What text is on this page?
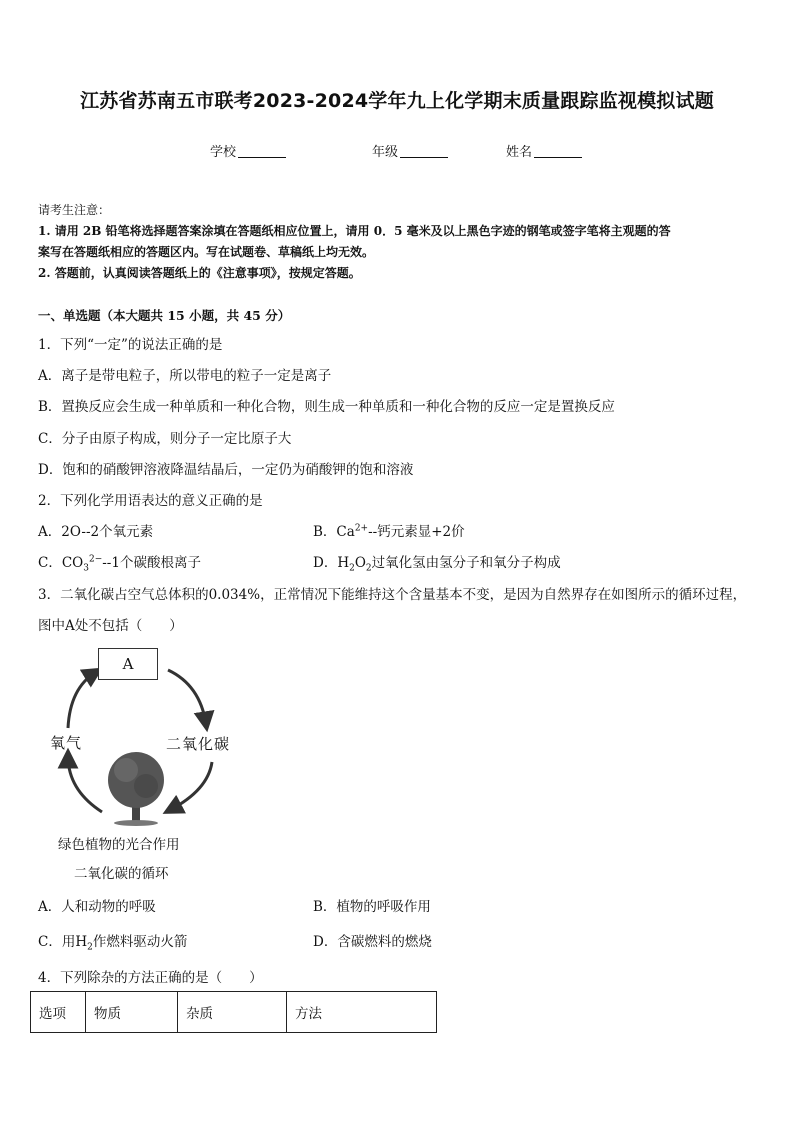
江苏省苏南五市联考2023-2024学年九上化学期末质量跟踪监视模拟试题
学校	年级	姓名
请考生注意：
1. 请用 2B 铅笔将选择题答案涂填在答题纸相应位置上，请用 0．5 毫米及以上黑色字迹的钢笔或签字笔将主观题的答
案写在答题纸相应的答题区内。写在试题卷、草稿纸上均无效。
2. 答题前，认真阅读答题纸上的《注意事项》，按规定答题。
一、单选题（本大题共 15 小题，共 45 分）
1．下列“一定”的说法正确的是
A．离子是带电粒子，所以带电的粒子一定是离子
B．置换反应会生成一种单质和一种化合物，则生成一种单质和一种化合物的反应一定是置换反应
C．分子由原子构成，则分子一定比原子大
D．饱和的硝酸钾溶液降温结晶后，一定仍为硝酸钾的饱和溶液
2．下列化学用语表达的意义正确的是
A．2O--2个氧元素	B．$Ca^{2+}--$钙元素显+2价
C．$CO_3^{2-}--1$个碳酸根离子	D．$H_2O_2$过氧化氢由氢分子和氧分子构成
3．二氧化碳占空气总体积的0.034%，正常情况下能维持这个含量基本不变，是因为自然界存在如图所示的循环过程，
图中A处不包括（　　）
A
氧气	二氧化碳
绿色植物的光合作用
二氧化碳的循环
A．人和动物的呼吸	B．植物的呼吸作用
C．用$H_2$作燃料驱动火箭	D．含碳燃料的燃烧
4．下列除杂的方法正确的是（　　）
选项	物质	杂质	方法
